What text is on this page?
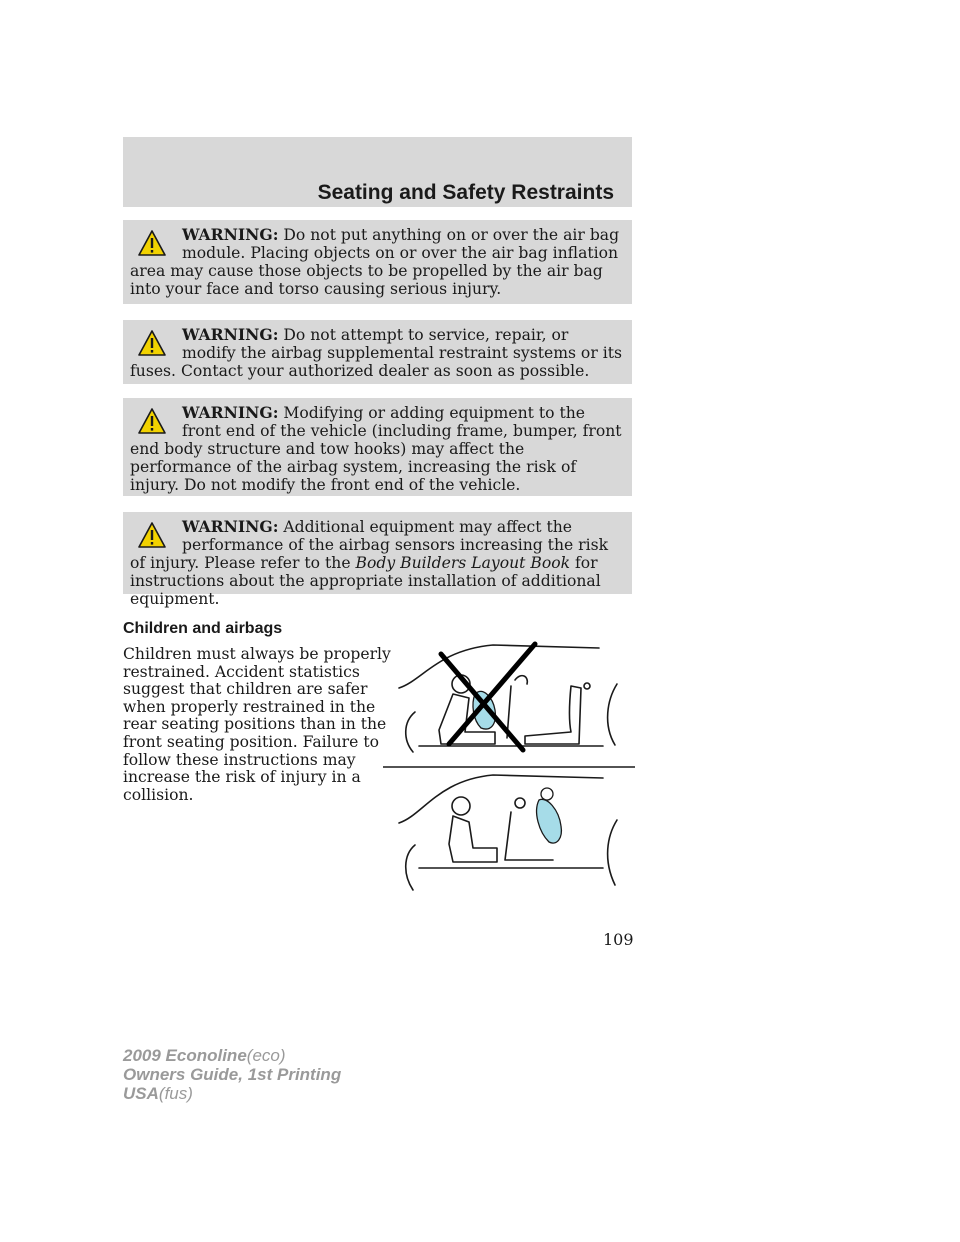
Seating and Safety Restraints

WARNING: Do not put anything on or over the air bag module. Placing objects on or over the air bag inflation area may cause those objects to be propelled by the air bag into your face and torso causing serious injury.

WARNING: Do not attempt to service, repair, or modify the airbag supplemental restraint systems or its fuses. Contact your authorized dealer as soon as possible.

WARNING: Modifying or adding equipment to the front end of the vehicle (including frame, bumper, front end body structure and tow hooks) may affect the performance of the airbag system, increasing the risk of injury. Do not modify the front end of the vehicle.

WARNING: Additional equipment may affect the performance of the airbag sensors increasing the risk of injury. Please refer to the Body Builders Layout Book for instructions about the appropriate installation of additional equipment.

Children and airbags

Children must always be properly restrained. Accident statistics suggest that children are safer when properly restrained in the rear seating positions than in the front seating position. Failure to follow these instructions may increase the risk of injury in a collision.

109
2009 Econoline(eco)
Owners Guide, 1st Printing
USA(fus)
